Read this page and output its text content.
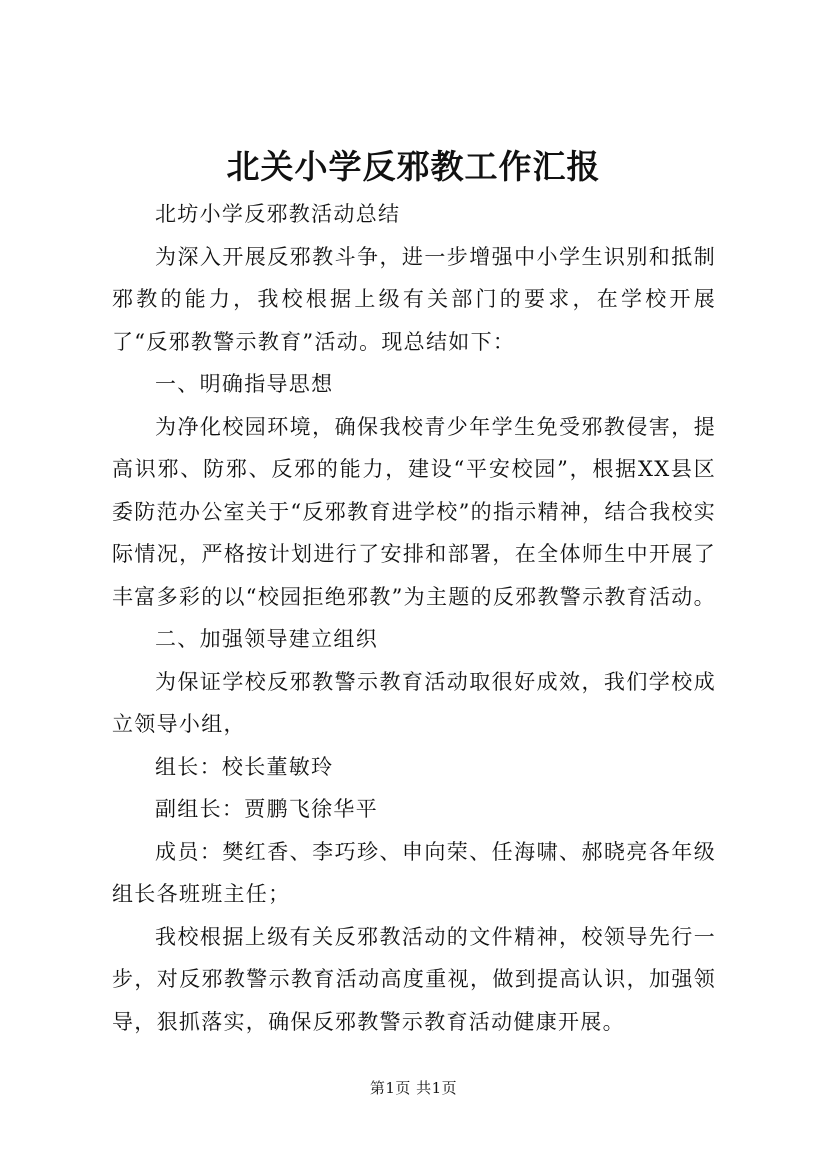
北关小学反邪教工作汇报

北坊小学反邪教活动总结

为深入开展反邪教斗争，进一步增强中小学生识别和抵制邪教的能力，我校根据上级有关部门的要求，在学校开展了“反邪教警示教育”活动。现总结如下：

一、明确指导思想

为净化校园环境，确保我校青少年学生免受邪教侵害，提高识邪、防邪、反邪的能力，建设“平安校园”，根据XX县区委防范办公室关于“反邪教育进学校”的指示精神，结合我校实际情况，严格按计划进行了安排和部署，在全体师生中开展了丰富多彩的以“校园拒绝邪教”为主题的反邪教警示教育活动。

二、加强领导建立组织

为保证学校反邪教警示教育活动取很好成效，我们学校成立领导小组，

组长：校长董敏玲

副组长：贾鹏飞徐华平

成员：樊红香、李巧珍、申向荣、任海啸、郝晓亮各年级组长各班班主任；

我校根据上级有关反邪教活动的文件精神，校领导先行一步，对反邪教警示教育活动高度重视，做到提高认识，加强领导，狠抓落实，确保反邪教警示教育活动健康开展。

第1页 共1页
